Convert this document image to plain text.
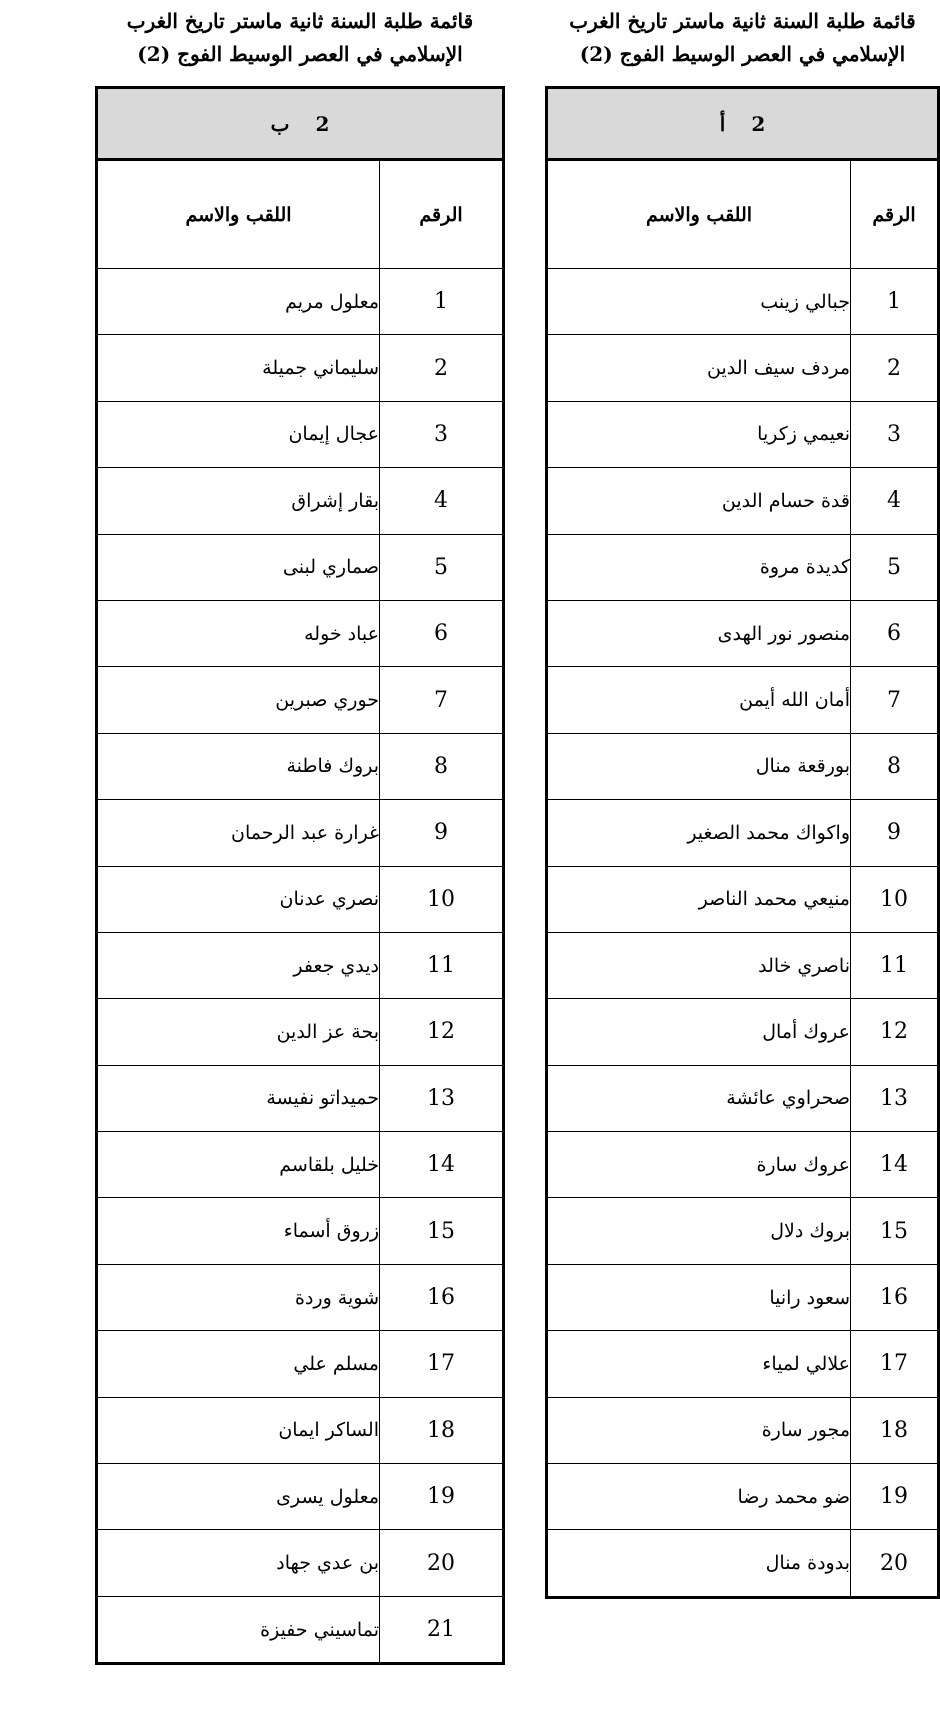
قائمة طلبة السنة ثانية ماستر تاريخ الغرب
الإسلامي في العصر الوسيط الفوج (2)
2أ	
الرقم	اللقب والاسم
1	جبالي زينب
2	مردف سيف الدين
3	نعيمي زكريا
4	قدة حسام الدين
5	كديدة مروة
6	منصور نور الهدى
7	أمان الله أيمن
8	بورقعة منال
9	واكواك محمد الصغير
10	منيعي محمد الناصر
11	ناصري خالد
12	عروك أمال
13	صحراوي عائشة
14	عروك سارة
15	بروك دلال
16	سعود رانيا
17	علالي لمياء
18	مجور سارة
19	ضو محمد رضا
20	بدودة منال
قائمة طلبة السنة ثانية ماستر تاريخ الغرب
الإسلامي في العصر الوسيط الفوج (2)
2ب	
الرقم	اللقب والاسم
1	معلول مريم
2	سليماني جميلة
3	عجال إيمان
4	بقار إشراق
5	صماري لبنى
6	عباد خوله
7	حوري صبرين
8	بروك فاطنة
9	غرارة عبد الرحمان
10	نصري عدنان
11	ديدي جعفر
12	بحة عز الدين
13	حميداتو نفيسة
14	خليل بلقاسم
15	زروق أسماء
16	شوية وردة
17	مسلم علي
18	الساكر ايمان
19	معلول يسرى
20	بن عدي جهاد
21	تماسيني حفيزة
